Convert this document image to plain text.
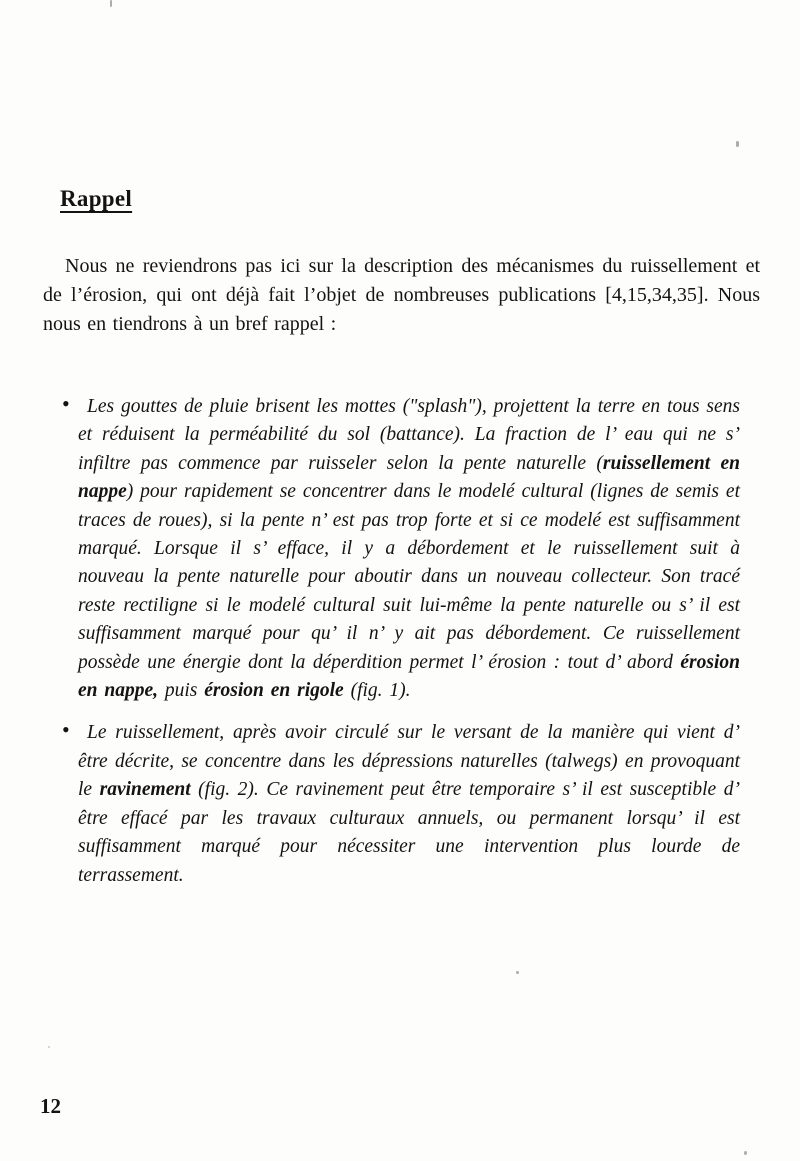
Rappel

Nous ne reviendrons pas ici sur la description des mécanismes du ruissellement et de l’érosion, qui ont déjà fait l’objet de nombreuses publications [4,15,34,35]. Nous nous en tiendrons à un bref rappel :

• Les gouttes de pluie brisent les mottes ("splash"), projettent la terre en tous sens et réduisent la perméabilité du sol (battance). La fraction de l’ eau qui ne s’ infiltre pas commence par ruisseler selon la pente naturelle (ruissellement en nappe) pour rapidement se concentrer dans le modelé cultural (lignes de semis et traces de roues), si la pente n’ est pas trop forte et si ce modelé est suffisamment marqué. Lorsque il s’ efface, il y a débordement et le ruissellement suit à nouveau la pente naturelle pour aboutir dans un nouveau collecteur. Son tracé reste rectiligne si le modelé cultural suit lui-même la pente naturelle ou s’ il est suffisamment marqué pour qu’ il n’ y ait pas débordement. Ce ruissellement possède une énergie dont la déperdition permet l’ érosion : tout d’ abord érosion en nappe, puis érosion en rigole (fig. 1).

• Le ruissellement, après avoir circulé sur le versant de la manière qui vient d’ être décrite, se concentre dans les dépressions naturelles (talwegs) en provoquant le ravinement (fig. 2). Ce ravinement peut être temporaire s’ il est susceptible d’ être effacé par les travaux culturaux annuels, ou permanent lorsqu’ il est suffisamment marqué pour nécessiter une intervention plus lourde de terrassement.

12
